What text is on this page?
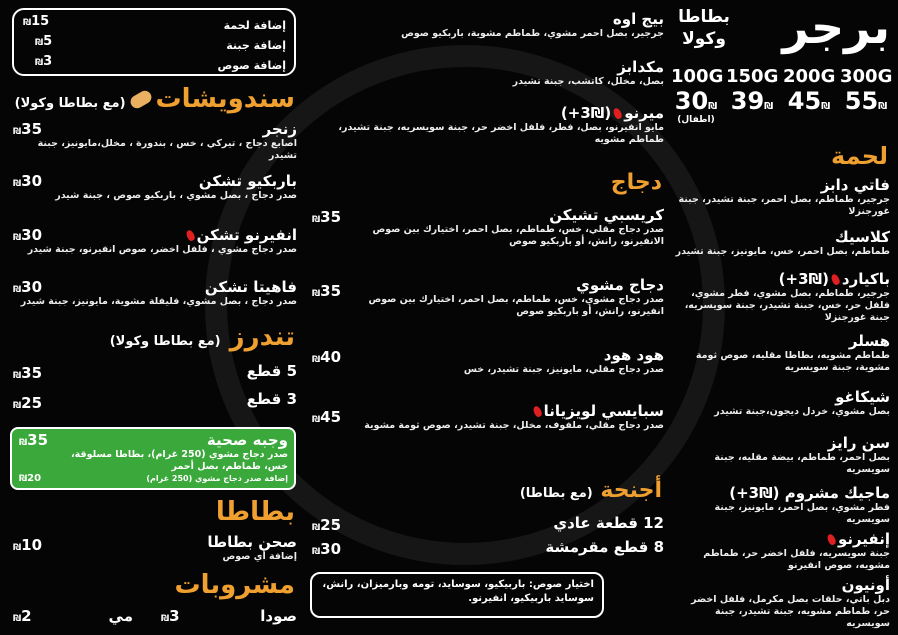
إضافة لحمة
₪15
إضافة جبنة
₪5
إضافة صوص
₪3
سندويشات(مع بطاطا وكولا)
زنجر
اصابع دجاج ، تيركي ، خس ، بندورة ، مخلل،مايونيز، جبنة تشيدر
₪35
باربكيو تشكن
صدر دجاج ، بصل مشوي ، باربكيو صوص ، جبنة شيدر
₪30
انفيرنو تشكن
صدر دجاج مشوي ، فلفل اخضر، صوص انفيرنو، جبنة شيدر
₪30
فاهيتا تشكن
صدر دجاج ، بصل مشوي، فليفلة مشوية، مايونيز، جبنة شيدر
₪30
تندرز (مع بطاطا وكولا)
5 قطع
₪35
3 قطع
₪25
وجبه صحية
صدر دجاج مشوي (250 غرام)، بطاطا مسلوقة، خس، طماطم، بصل أحمر
إضافة صدر دجاج مشوي (250 غرام)
₪35
₪20
بطاطا
صحن بطاطا
إضافة أي صوص
₪10
مشروبات
صودا
₪3
مي
₪2
بيج اوه
جرجير، بصل احمر مشوي، طماطم مشوية، باربكيو صوص
مكدابز
بصل، مخلل، كاتشب، جبنة تشيدر
ميرنو(₪3+)
مايو انفيرنو، بصل، فطر، فلفل اخضر حر، جبنة سويسريه، جبنة تشيدر، طماطم مشويه
دجاج
كريسبي تشيكن
صدر دجاج مقلي، خس، طماطم، بصل احمر، اختيارك بين صوص الانفيرنو، رانش، أو باربكيو صوص
₪35
دجاج مشوي
صدر دجاج مشوي، خس، طماطم، بصل احمر، اختيارك بين صوص انفيرنو، رانش، أو باربكيو صوص
₪35
هود هود
صدر دجاج مقلي، مايونيز، جبنة تشيدر، خس
₪40
سبايسي لويزيانا
صدر دجاج مقلي، ملفوف، مخلل، جبنة تشيدر، صوص ثومة مشوية
₪45
أجنحة (مع بطاطا)
12 قطعة عادي
₪25
8 قطع مقرمشة
₪30
اختيار صوص: باربيكيو، سوسايد، تومه وبارميزان، رانش، سوسايد باربيكيو، انفيرنو.
برجر
بطاطا
وكولا
300G
55₪
200G
45₪
150G
39₪
100G
30₪
(اطفال)
لحمة
فاتي دابز
جرجير، طماطم، بصل احمر، جبنة تشيدر، جبنة غورجنزلا
كلاسيك
طماطم، بصل احمر، خس، مايونيز، جبنة تشيدر
باكيارد(₪3+)
جرجير، طماطم، بصل مشوي، فطر مشوي، فلفل حر، خس، جبنة تشيدر، جبنة سويسريه، جبنة غورجنزلا
هسلر
طماطم مشويه، بطاطا مقليه، صوص ثومة مشوية، جبنة سويسريه
شيكاغو
بصل مشوي، خردل ديجون،جبنة تشيدر
سن رايز
بصل احمر، طماطم، بيضة مقليه، جبنة سويسريه
ماجيك مشروم (₪3+)
فطر مشوي، بصل احمر، مايونيز، جبنة سويسريه
إنفيرنو
جبنة سويسريه، فلفل اخضر حر، طماطم مشويه، صوص انفيرنو
أونيون
دبل باتي، حلقات بصل مكرمل، فلفل اخضر حر، طماطم مشويه، جبنة تشيدر، جبنة سويسريه
